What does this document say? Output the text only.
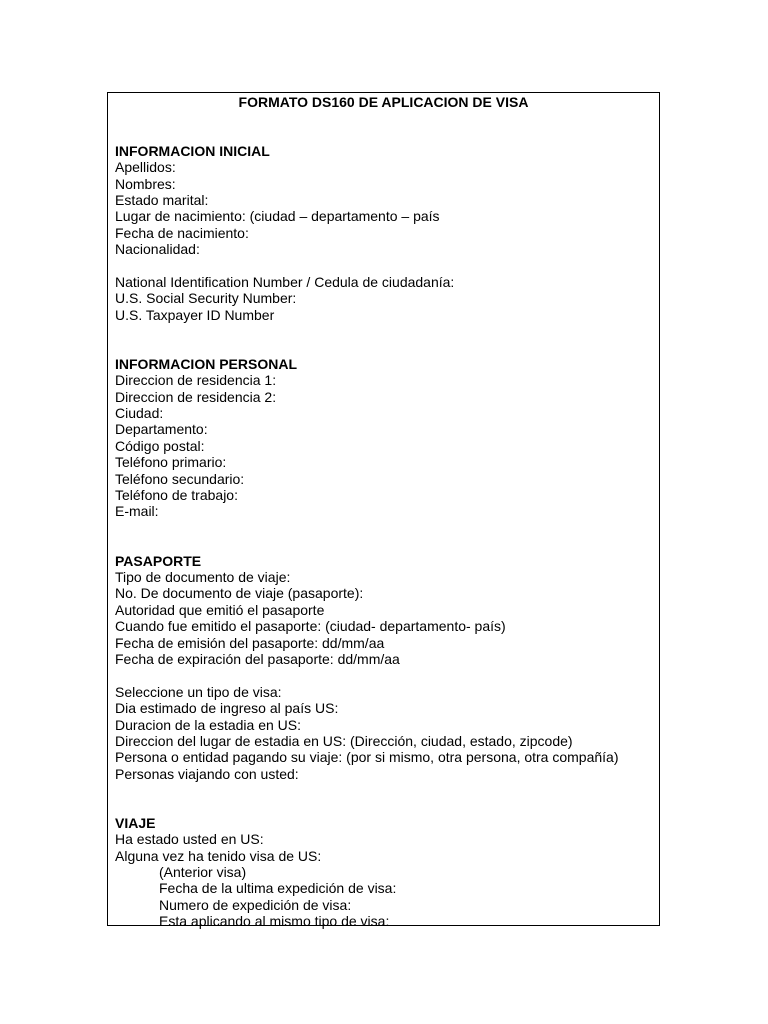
FORMATO DS160 DE APLICACION DE VISA
INFORMACION INICIAL
Apellidos:
Nombres:
Estado marital:
Lugar de nacimiento: (ciudad – departamento – país
Fecha de nacimiento:
Nacionalidad:
National Identification Number / Cedula de ciudadanía:
U.S. Social Security Number:
U.S. Taxpayer ID Number
INFORMACION PERSONAL
Direccion de residencia 1:
Direccion de residencia 2:
Ciudad:
Departamento:
Código postal:
Teléfono primario:
Teléfono secundario:
Teléfono de trabajo:
E-mail:
PASAPORTE
Tipo de documento de viaje:
No. De documento de viaje (pasaporte):
Autoridad que emitió el pasaporte
Cuando fue emitido el pasaporte: (ciudad- departamento- país)
Fecha de emisión del pasaporte: dd/mm/aa
Fecha de expiración del pasaporte: dd/mm/aa
Seleccione un tipo de visa:
Dia estimado de ingreso al país US:
Duracion de la estadia en US:
Direccion del lugar de estadia en US: (Dirección, ciudad, estado, zipcode)
Persona o entidad pagando su viaje: (por si mismo, otra persona, otra compañía)
Personas viajando con usted:
VIAJE
Ha estado usted en US:
Alguna vez ha tenido visa de US:
(Anterior visa)
Fecha de la ultima expedición de visa:
Numero de expedición de visa:
Esta aplicando al mismo tipo de visa:
